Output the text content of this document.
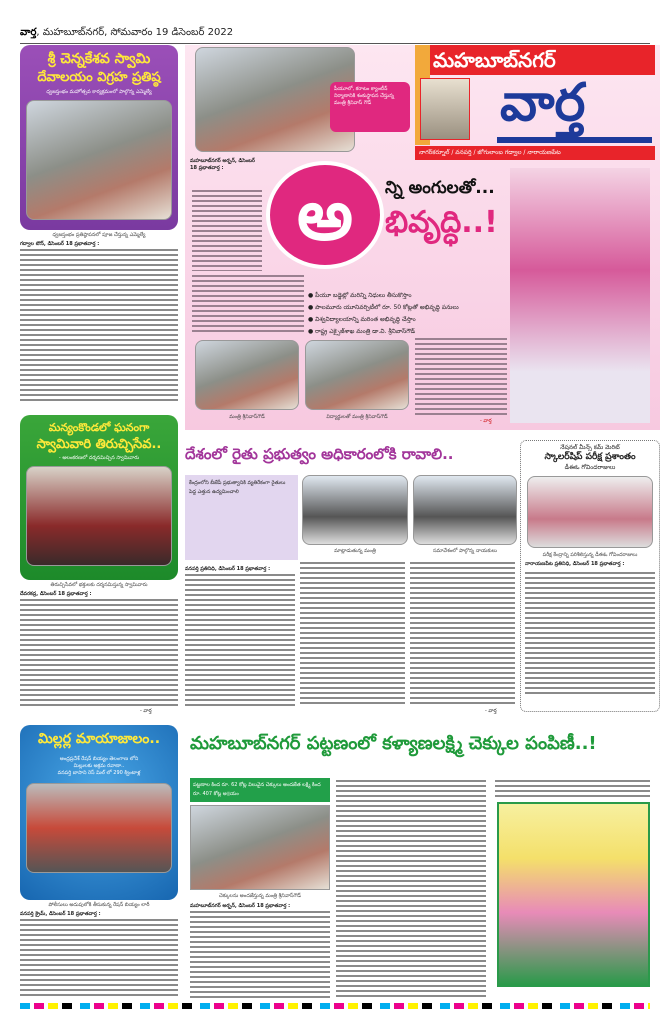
వార్త, మహబూబ్‌నగర్, సోమవారం 19 డిసెంబర్ 2022
శ్రీ చెన్నకేశవ స్వామి
దేవాలయం విగ్రహ ప్రతిష్ఠ
ధ్వజస్తంభం మహోత్సవ కార్యక్రమంలో పాల్గొన్న ఎమ్మెల్యే
ధ్వజస్తంభం ప్రతిష్ఠాపనలో పూజ చేస్తున్న ఎమ్మెల్యే
గద్వాల టౌన్, డిసెంబర్ 18 ప్రభాతవార్త :
మన్యంకొండలో ఘనంగా
స్వామివారి తిరుచ్చిసేవ..
- అలంకరణలో దర్శనమిచ్చిన స్వామివారు
తిరుచ్చిసేవలో భక్తులకు దర్శనమిస్తున్న స్వామివారు
దేవరకద్ర, డిసెంబర్ 18 ప్రభాతవార్త :
- వార్త
మిల్లర్ల మాయాజాలం..
ఆంధ్రప్రదేశ్ రేషన్ బియ్యం తెలంగాణ లోని
మిల్లులకు అక్రమ రవాణా..
వనపర్తి బాసాని రెస్ మిల్ లో 290 క్వింటాళ్ల
పోలీసులు అదుపులోకి తీసుకున్న రేషన్ బియ్యం లారీ
వనపర్తి క్రైమ్, డిసెంబర్ 18 ప్రభాతవార్త :
పీయూలో, కరాటం క్యాంటీన్ నిర్మాణానికి శంకుస్థాపన చేస్తున్న మంత్రి శ్రీనివాస్ గౌడ్
మహబూబ్‌నగర్
వార్త
నాగర్‌కర్నూల్ / వనపర్తి / జోగులాంబ గద్వాల / నారాయణపేట
మహబూబ్‌నగర్ అర్బన్, డిసెంబర్ 18 ప్రభాతవార్త :
అ	న్ని అంగులతో...
భివృద్ధి..!
● పీయూ బడ్జెట్లో మరిన్ని నిధులు తీసుకొస్తాం
● పాలమూరు యూనివర్సిటీలో రూ. 50 కోట్లతో అభివృద్ధి పనులు
● విశ్వవిద్యాలయాన్ని మరింత అభివృద్ధి చేస్తాం
● రాష్ట్ర ఎక్సైజ్‌శాఖ మంత్రి డా.వి. శ్రీనివాస్‌గౌడ్
మంత్రి శ్రీనివాస్‌గౌడ్	విద్యార్థులతో మంత్రి శ్రీనివాస్‌గౌడ్
- వార్త
దేశంలో రైతు ప్రభుత్వం అధికారంలోకి రావాలి..
కేంద్రంలోని బీజేపీ ప్రభుత్వానికి వ్యతిరేకంగా రైతులు పెద్ద ఎత్తున ఉద్యమించాలి
మాట్లాడుతున్న మంత్రి	సమావేశంలో పాల్గొన్న నాయకులు
వనపర్తి ప్రతినిధి, డిసెంబర్ 18 ప్రభాతవార్త :
- వార్త
నేషనల్ మీన్స్ కమ్ మెరిట్
స్కాలర్‌షిప్ పరీక్ష ప్రశాంతం
డీఈఓ గోవిందరాజులు
పరీక్ష కేంద్రాన్ని పరిశీలిస్తున్న డీఈఓ గోవిందరాజులు
నారాయణపేట ప్రతినిధి, డిసెంబర్ 18 ప్రభాతవార్త :
మహబూబ్‌నగర్ పట్టణంలో కళ్యాణలక్ష్మి చెక్కుల పంపిణీ..!
పట్టణాల కింద రూ. 62 కోట్ల విలువైన చెక్కులు అందజేత లక్ష్మి కింద రూ. 407 కోట్ల అ॥యం
చెక్కులను అందజేస్తున్న మంత్రి శ్రీనివాస్‌గౌడ్
మహబూబ్‌నగర్ అర్బన్, డిసెంబర్ 18 ప్రభాతవార్త :
